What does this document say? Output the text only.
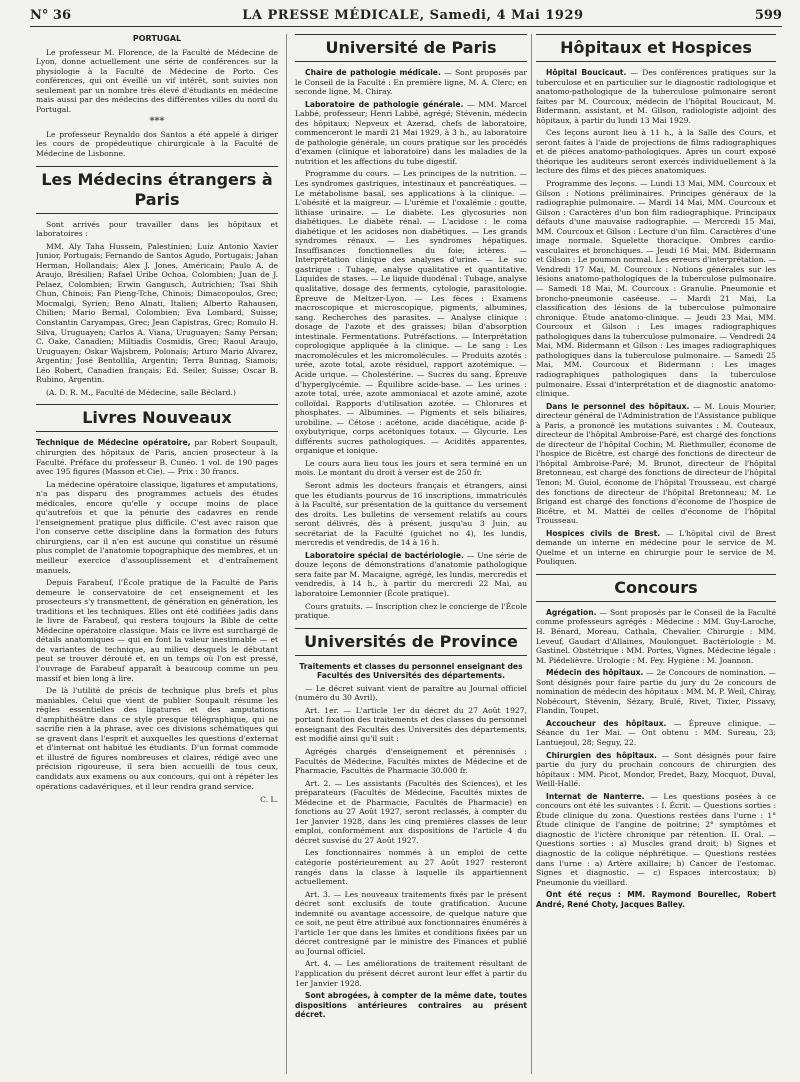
N° 36	LA PRESSE MÉDICALE, Samedi, 4 Mai 1929	599
PORTUGAL

Le professeur M. Florence, de la Faculté de Médecine de Lyon, donne actuellement une série de conférences sur la physiologie à la Faculté de Médecine de Porto. Ces conférences, qui ont éveillé un vif intérêt, sont suivies non seulement par un nombre très élevé d'étudiants en médecine mais aussi par des médecins des différentes villes du nord du Portugal.

***

Le professeur Reynaldo dos Santos a été appelé à diriger les cours de propédeutique chirurgicale à la Faculté de Médecine de Lisbonne.

Les Médecins étrangers à Paris

Sont arrivés pour travailler dans les hôpitaux et laboratoires :

MM. Aly Taha Hussein, Palestinien; Luiz Antonio Xavier Junior, Portugais; Fernando de Santos Agudo, Portugais; Jahan Herman, Hollandais; Alex J. Jones, Américain; Paulo A. de Araujo, Brésilien; Rafael Uribe Ochoa, Colombien; Juan de J. Pelaez, Colombien; Erwin Gangusch, Autrichien; Tsai Shih Chun, Chinois; Fan Pieng-Tche, Chinois; Dimacopoulos, Grec; Mocmalgi, Syrien; Beno Alnati, Italien; Alberto Rahausen, Chilien; Mario Bernal, Colombien; Eva Lombard, Suisse; Constantin Caryampas, Grec; Jean Capistras, Grec; Romulo H. Silva, Uruguayen; Carlos A. Viana, Uruguayen; Samy Persan; C. Oake, Canadien; Miltiadis Cosmidis, Grec; Raoul Araujo, Uruguayen; Oskar Wajsbrem, Polonais; Arturo Mario Alvarez, Argentin; José Bentollila, Argentin; Terra Bunnag, Siamois; Léo Robert, Canadien français; Ed. Seiler, Suisse; Oscar B. Rubino, Argentin.

(A. D. R. M., Faculté de Médecine, salle Béclard.)

Livres Nouveaux

Technique de Médecine opératoire, par Robert Soupault, chirurgien des hôpitaux de Paris, ancien prosecteur à la Faculté. Préface du professeur B. Cunéo. 1 vol. de 190 pages avec 195 figures (Masson et Cie). — Prix : 30 francs.

La médecine opératoire classique, ligatures et amputations, n'a pas disparu des programmes actuels des études médicales, encore qu'elle y occupe moins de place qu'autrefois et que la pénurie des cadavres en rende l'enseignement pratique plus difficile. C'est avec raison que l'on conserve cette discipline dans la formation des futurs chirurgiens, car il n'en est aucune qui constitue un résumé plus complet de l'anatomie topographique des membres, et un meilleur exercice d'assouplissement et d'entraînement manuels.

Depuis Farabeuf, l'École pratique de la Faculté de Paris demeure le conservatoire de cet enseignement et les prosecteurs s'y transmettent, de génération en génération, les traditions et les techniques. Elles ont été codifiées jadis dans le livre de Farabeuf, qui restera toujours la Bible de cette Médecine opératoire classique. Mais ce livre est surchargé de détails anatomiques — qui en font la valeur inestimable — et de variantes de technique, au milieu desquels le débutant peut se trouver dérouté et, en un temps où l'on est pressé, l'ouvrage de Farabeuf apparaît à beaucoup comme un peu massif et bien long à lire.

De là l'utilité de précis de technique plus brefs et plus maniables. Celui que vient de publier Soupault résume les règles essentielles des ligatures et des amputations d'amphithéâtre dans ce style presque télégraphique, qui ne sacrifie rien à la phrase, avec ces divisions schématiques qui se gravent dans l'esprit et auxquelles les questions d'externat et d'internat ont habitué les étudiants. D'un format commode et illustré de figures nombreuses et claires, rédigé avec une précision rigoureuse, il sera bien accueilli de tous ceux, candidats aux examens ou aux concours, qui ont à répéter les opérations cadavériques, et il leur rendra grand service.

C. L.
Université de Paris

Chaire de pathologie médicale. — Sont proposés par le Conseil de la Faculté : En première ligne, M. A. Clerc; en seconde ligne, M. Chiray.

Laboratoire de pathologie générale. — MM. Marcel Labbé, professeur; Henri Labbé, agrégé; Stévenin, médecin des hôpitaux; Nepveux et Azerad, chefs de laboratoire, commenceront le mardi 21 Mai 1929, à 3 h., au laboratoire de pathologie générale, un cours pratique sur les procédés d'examen (clinique et laboratoire) dans les maladies de la nutrition et les affections du tube digestif.

Programme du cours. — Les principes de la nutrition. — Les syndromes gastriques, intestinaux et pancréatiques. — Le métabolisme basal, ses applications à la clinique. — L'obésité et la maigreur. — L'urémie et l'oxalémie : goutte, lithiase urinaire. — Le diabète. Les glycosuries non diabétiques. Le diabète rénal. — L'acidose : le coma diabétique et les acidoses non diabétiques. — Les grands syndromes rénaux. — Les syndromes hépatiques. Insuffisances fonctionnelles du foie; ictères. — Interprétation clinique des analyses d'urine. — Le suc gastrique : Tubage, analyse qualitative et quantitative. Liquides de stases. — Le liquide duodénal : Tubage, analyse qualitative, dosage des ferments, cytologie, parasitologie. Épreuve de Meltzer-Lyon. — Les fèces : Examens macroscopique et microscopique, pigments, albumines, sang. Recherches des parasites. — Analyse clinique : dosage de l'azote et des graisses; bilan d'absorption intestinale. Fermentations. Putréfactions. — Interprétation coprologique appliquée à la clinique. — Le sang : Les macromolécules et les micromolécules. — Produits azotés : urée, azote total, azote résiduel, rapport azotémique. — Acide urique. — Cholestérine. — Sucres du sang. Épreuve d'hyperglycémie. — Équilibre acide-base. — Les urines : azote total, urée, azote ammoniacal et azote aminé, azote colloïdal. Rapports d'utilisation azotée. — Chlorures et phosphates. — Albumines. — Pigments et sels biliaires, urobiline. — Cétose : acétone, acide diacétique, acide β-oxybutyrique, corps acétoniques totaux. — Glycurie. Les différents sucres pathologiques. — Acidités apparentes, organique et ionique.

Le cours aura lieu tous les jours et sera terminé en un mois. Le montant du droit à verser est de 250 fr.

Seront admis les docteurs français et étrangers, ainsi que les étudiants pourvus de 16 inscriptions, immatriculés à la Faculté, sur présentation de la quittance du versement des droits. Les bulletins de versement relatifs au cours seront délivrés, dès à présent, jusqu'au 3 Juin, au secrétariat de la Faculté (guichet no 4), les lundis, mercredis et vendredis, de 14 à 16 h.

Laboratoire spécial de bactériologie. — Une série de douze leçons de démonstrations d'anatomie pathologique sera faite par M. Macaigne, agrégé, les lundis, mercredis et vendredis, à 14 h., à partir du mercredi 22 Mai, au laboratoire Lemonnier (École pratique).

Cours gratuits. — Inscription chez le concierge de l'École pratique.

Universités de Province

Traitements et classes du personnel enseignant des Facultés des Universités des départements.

— Le décret suivant vient de paraître au Journal officiel (numéro du 30 Avril).

Art. 1er. — L'article 1er du décret du 27 Août 1927, portant fixation des traitements et des classes du personnel enseignant des Facultés des Universités des départements, est modifié ainsi qu'il suit :

Agrégés chargés d'enseignement et pérennisés : Facultés de Médecine, Facultés mixtes de Médecine et de Pharmacie, Facultés de Pharmacie 30.000 fr.

Art. 2. — Les assistants (Facultés des Sciences), et les préparateurs (Facultés de Médecine, Facultés mixtes de Médecine et de Pharmacie, Facultés de Pharmacie) en fonctions au 27 Août 1927, seront reclassés, à compter du 1er Janvier 1928, dans les cinq premières classes de leur emploi, conformément aux dispositions de l'article 4 du décret susvisé du 27 Août 1927.

Les fonctionnaires nommés à un emploi de cette catégorie postérieurement au 27 Août 1927 resteront rangés dans la classe à laquelle ils appartiennent actuellement.

Art. 3. — Les nouveaux traitements fixés par le présent décret sont exclusifs de toute gratification. Aucune indemnité ou avantage accessoire, de quelque nature que ce soit, ne peut être attribué aux fonctionnaires énumérés à l'article 1er que dans les limites et conditions fixées par un décret contresigné par le ministre des Finances et publié au Journal officiel.

Art. 4. — Les améliorations de traitement résultant de l'application du présent décret auront leur effet à partir du 1er Janvier 1928.

Sont abrogées, à compter de la même date, toutes dispositions antérieures contraires au présent décret.

Hôpitaux et Hospices

Hôpital Boucicaut. — Des conférences pratiques sur la tuberculose et en particulier sur le diagnostic radiologique et anatomo-pathologique de la tuberculose pulmonaire seront faites par M. Courcoux, médecin de l'hôpital Boucicaut, M. Bidermann, assistant, et M. Gilson, radiologiste adjoint des hôpitaux, à partir du lundi 13 Mai 1929.

Ces leçons auront lieu à 11 h., à la Salle des Cours, et seront faites à l'aide de projections de films radiographiques et de pièces anatomo-pathologiques. Après un court exposé théorique les auditeurs seront exercés individuellement à la lecture des films et des pièces anatomiques.

Programme des leçons. — Lundi 13 Mai, MM. Courcoux et Gilson : Notions préliminaires. Principes généraux de la radiographie pulmonaire. — Mardi 14 Mai, MM. Courcoux et Gilson : Caractères d'un bon film radiographique. Principaux défauts d'une mauvaise radiographie. — Mercredi 15 Mai, MM. Courcoux et Gilson : Lecture d'un film. Caractères d'une image normale. Squelette thoracique. Ombres cardio-vasculaires et bronchiques. — Jeudi 16 Mai, MM. Bidermann et Gilson : Le poumon normal. Les erreurs d'interprétation. — Vendredi 17 Mai, M. Courcoux : Notions générales sur les lésions anatomo-pathologiques de la tuberculose pulmonaire. — Samedi 18 Mai, M. Courcoux : Granulie. Pneumonie et broncho-pneumonie caséeuse. — Mardi 21 Mai, La classification des lésions de la tuberculose pulmonaire chronique. Étude anatomo-clinique. — Jeudi 23 Mai, MM. Courcoux et Gilson : Les images radiographiques pathologiques dans la tuberculose pulmonaire. — Vendredi 24 Mai, MM. Bidermann et Gilson : Les images radiographiques pathologiques dans la tuberculose pulmonaire. — Samedi 25 Mai, MM. Courcoux et Bidermann : Les images radiographiques pathologiques dans la tuberculose pulmonaire. Essai d'interprétation et de diagnostic anatomo-clinique.

Dans le personnel des hôpitaux. — M. Louis Mourier, directeur général de l'Administration de l'Assistance publique à Paris, a prononcé les mutations suivantes : M. Couteaux, directeur de l'hôpital Ambroise-Paré, est chargé des fonctions de directeur de l'hôpital Cochin; M. Riethmuller, économe de l'hospice de Bicêtre, est chargé des fonctions de directeur de l'hôpital Ambroise-Paré; M. Brunot, directeur de l'hôpital Bretonneau, est chargé des fonctions de directeur de l'hôpital Tenon; M. Guiol, économe de l'hôpital Trousseau, est chargé des fonctions de directeur de l'hôpital Bretonneau; M. Le Brigand est chargé des fonctions d'économe de l'hospice de Bicêtre, et M. Mattéi de celles d'économe de l'hôpital Trousseau.

Hospices civils de Brest. — L'hôpital civil de Brest demande un interne en médecine pour le service de M. Quelme et un interne en chirurgie pour le service de M. Pouliquen.

Concours

Agrégation. — Sont proposés par le Conseil de la Faculté comme professeurs agrégés : Médecine : MM. Guy-Laroche, H. Bénard, Moreau, Cathala, Chevalier. Chirurgie : MM. Leveuf, Gaudart d'Allaines, Moulonguet. Bactériologie : M. Gastinel. Obstétrique : MM. Portes, Vignes. Médecine légale : M. Piédelièvre. Urologie : M. Fey. Hygiène : M. Joannon.

Médecin des hôpitaux. — 2e Concours de nomination. — Sont désignés pour faire partie du jury du 2e concours de nomination de médecin des hôpitaux : MM. M. P. Weil, Chiray, Nobécourt, Stévenin, Sézary, Brulé, Rivet, Tixier, Pissavy, Flandin, Toupet.

Accoucheur des hôpitaux. — Épreuve clinique. — Séance du 1er Mai. — Ont obtenu : MM. Sureau, 23; Lantuejoul, 28; Seguy, 22.

Chirurgien des hôpitaux. — Sont désignés pour faire partie du jury du prochain concours de chirurgien des hôpitaux : MM. Picot, Mondor, Fredet, Bazy, Mocquot, Duval, Weill-Hallé.

Internat de Nanterre. — Les questions posées à ce concours ont été les suivantes : I. Écrit. — Questions sorties : Étude clinique du zona. Questions restées dans l'urne : 1° Étude clinique de l'angine de poitrine; 2° symptômes et diagnostic de l'ictère chronique par rétention. II. Oral. — Questions sorties : a) Muscles grand droit; b) Signes et diagnostic de la colique néphrétique. — Questions restées dans l'urne : a) Artère axillaire; b) Cancer de l'estomac. Signes et diagnostic. — c) Espaces intercostaux; b) Pneumonie du vieillard.

Ont été reçus : MM. Raymond Bourellec, Robert André, René Choty, Jacques Balley.
